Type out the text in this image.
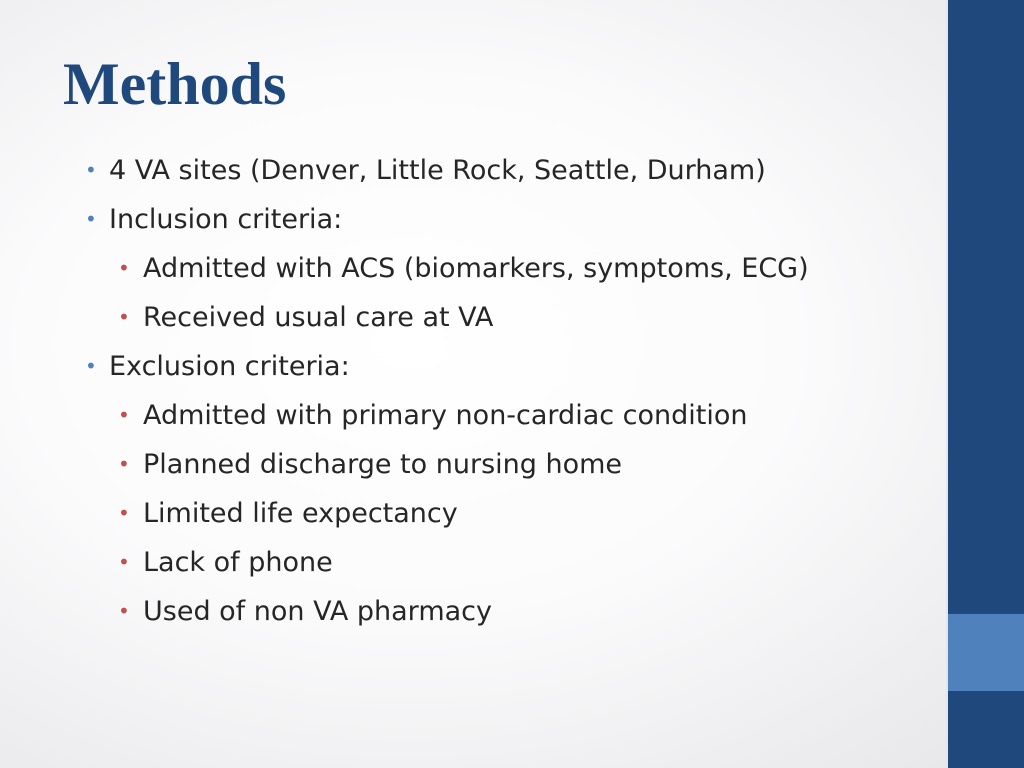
Methods
• 4 VA sites (Denver, Little Rock, Seattle, Durham)
• Inclusion criteria:
• Admitted with ACS (biomarkers, symptoms, ECG)
• Received usual care at VA
• Exclusion criteria:
• Admitted with primary non-cardiac condition
• Planned discharge to nursing home
• Limited life expectancy
• Lack of phone
• Used of non VA pharmacy
